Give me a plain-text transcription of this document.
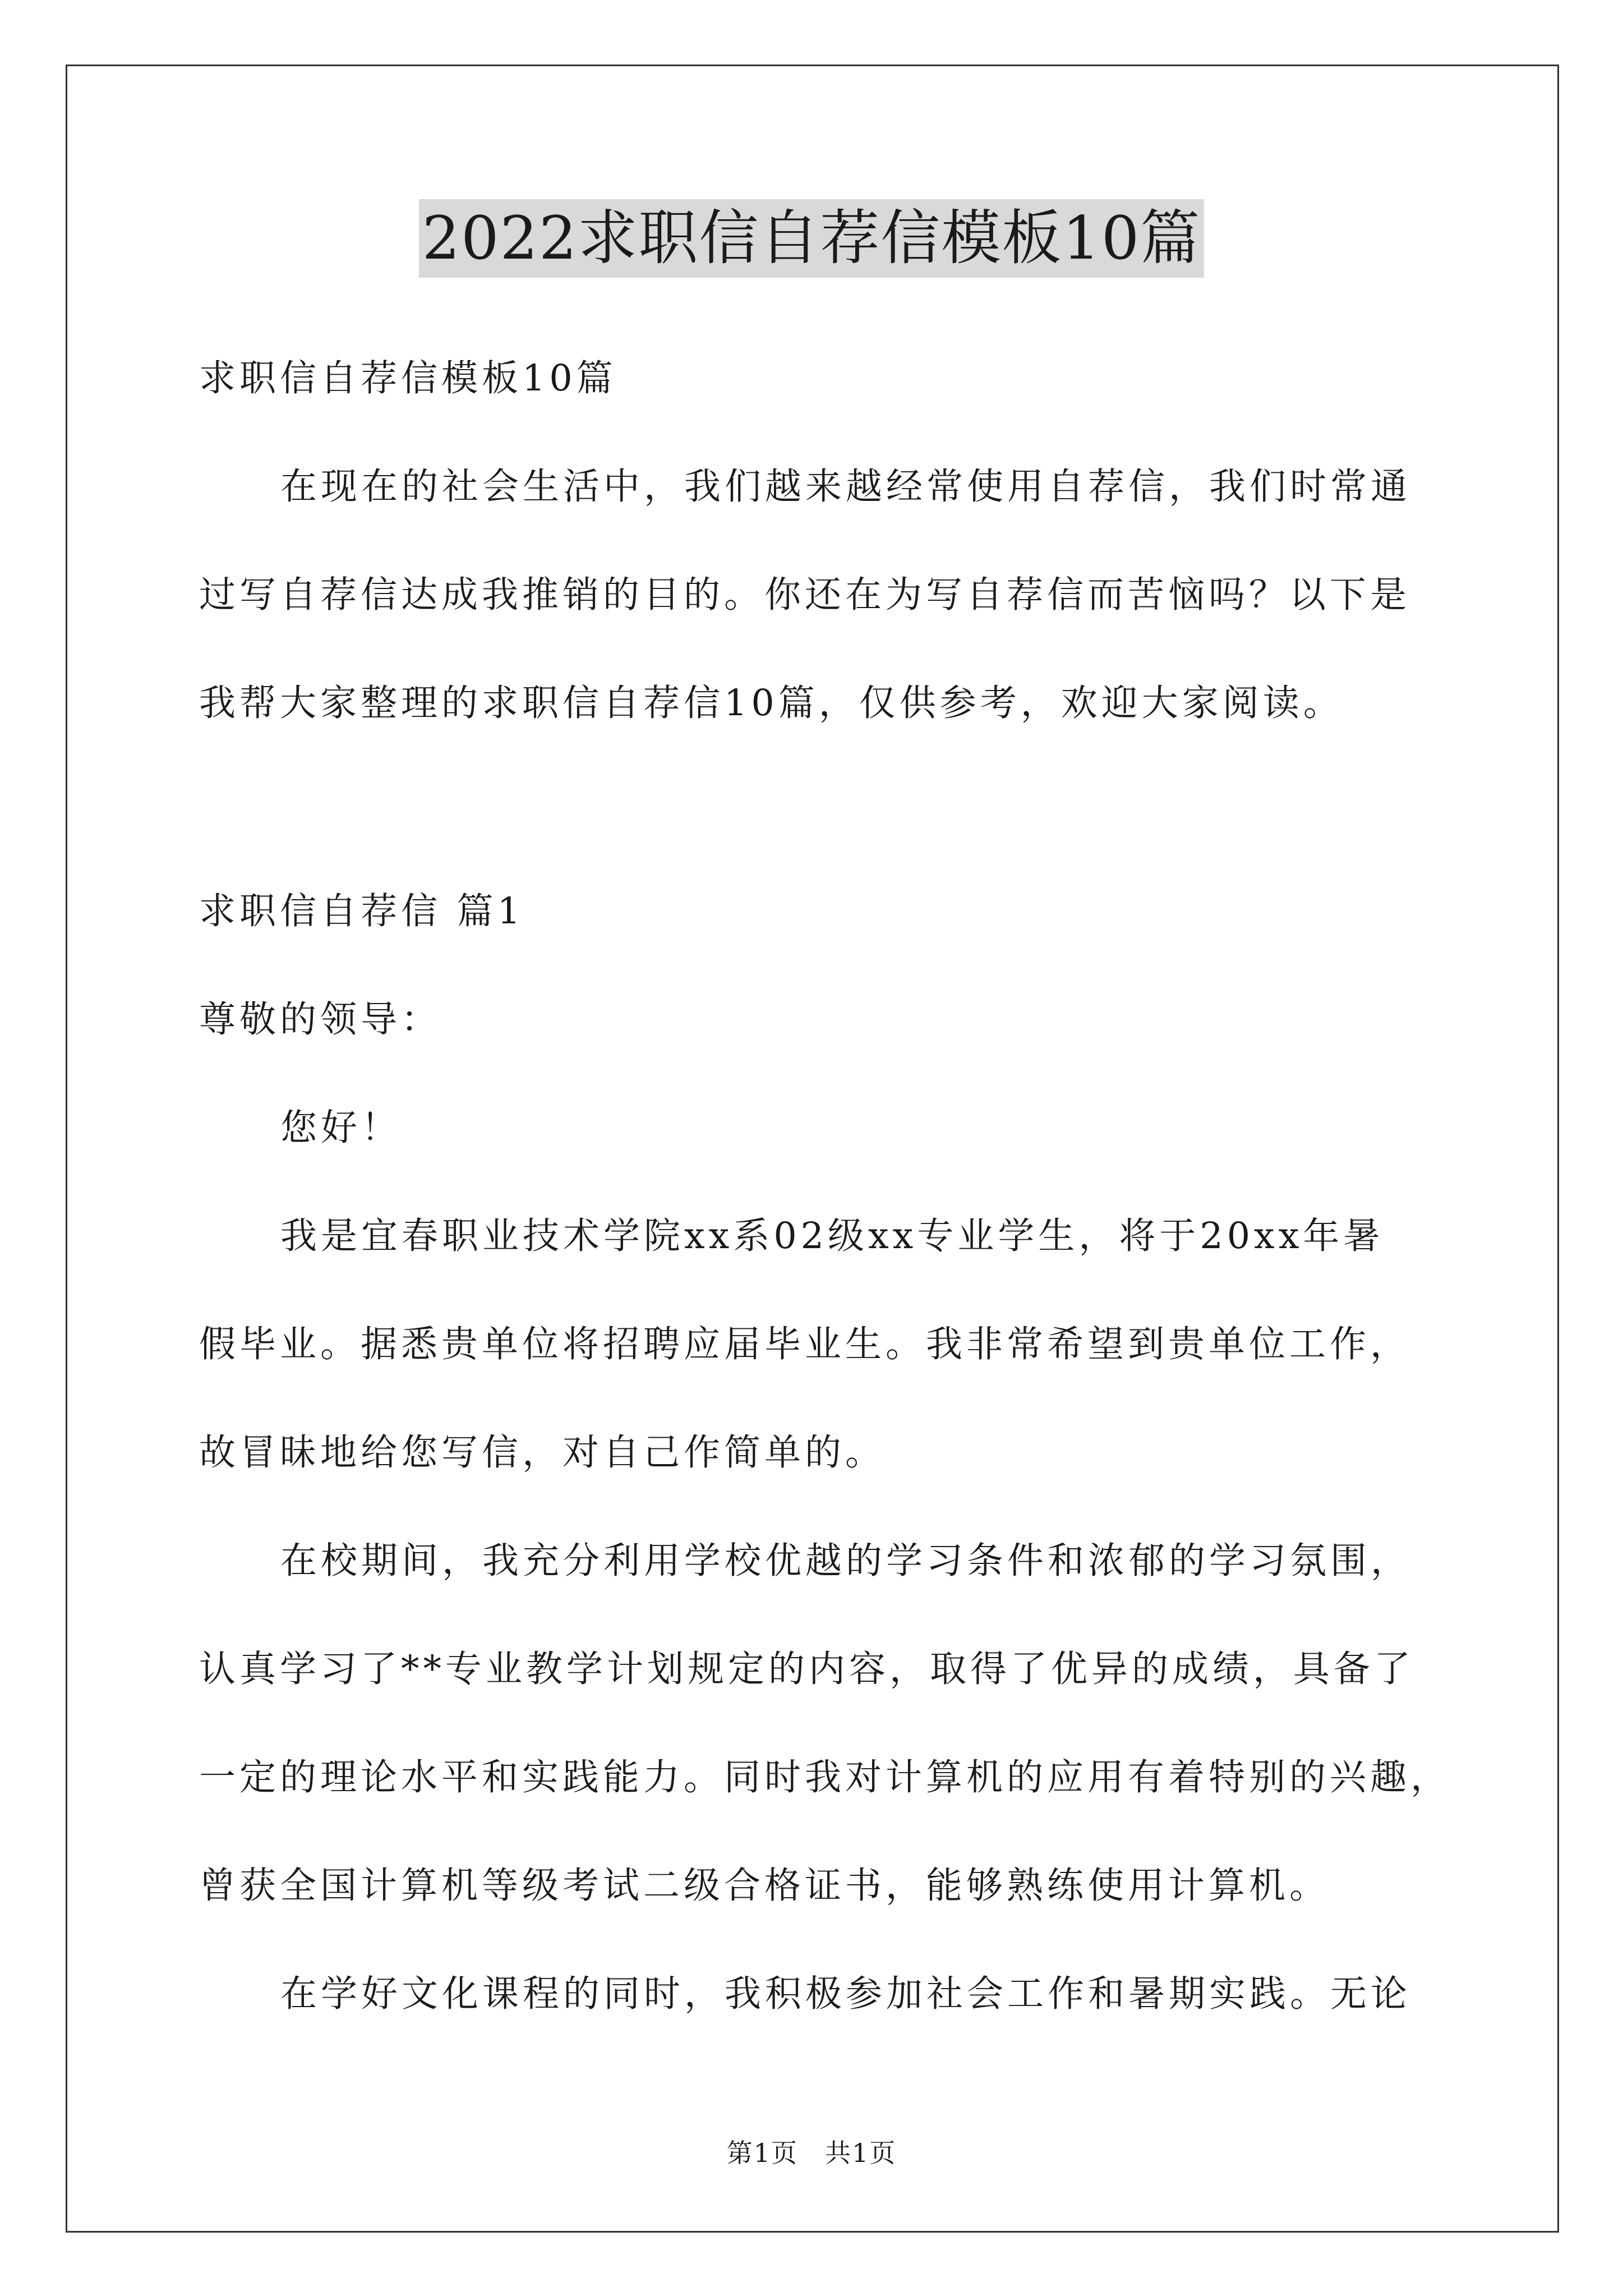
2022求职信自荐信模板10篇
求职信自荐信模板10篇
在现在的社会生活中，我们越来越经常使用自荐信，我们时常通
过写自荐信达成我推销的目的。你还在为写自荐信而苦恼吗？以下是
我帮大家整理的求职信自荐信10篇，仅供参考，欢迎大家阅读。
求职信自荐信 篇1
尊敬的领导：
您好！
我是宜春职业技术学院xx系02级xx专业学生，将于20xx年暑
假毕业。据悉贵单位将招聘应届毕业生。我非常希望到贵单位工作，
故冒昧地给您写信，对自己作简单的。
在校期间，我充分利用学校优越的学习条件和浓郁的学习氛围，
认真学习了**专业教学计划规定的内容，取得了优异的成绩，具备了
一定的理论水平和实践能力。同时我对计算机的应用有着特别的兴趣，
曾获全国计算机等级考试二级合格证书，能够熟练使用计算机。
在学好文化课程的同时，我积极参加社会工作和暑期实践。无论
第1页　共1页
